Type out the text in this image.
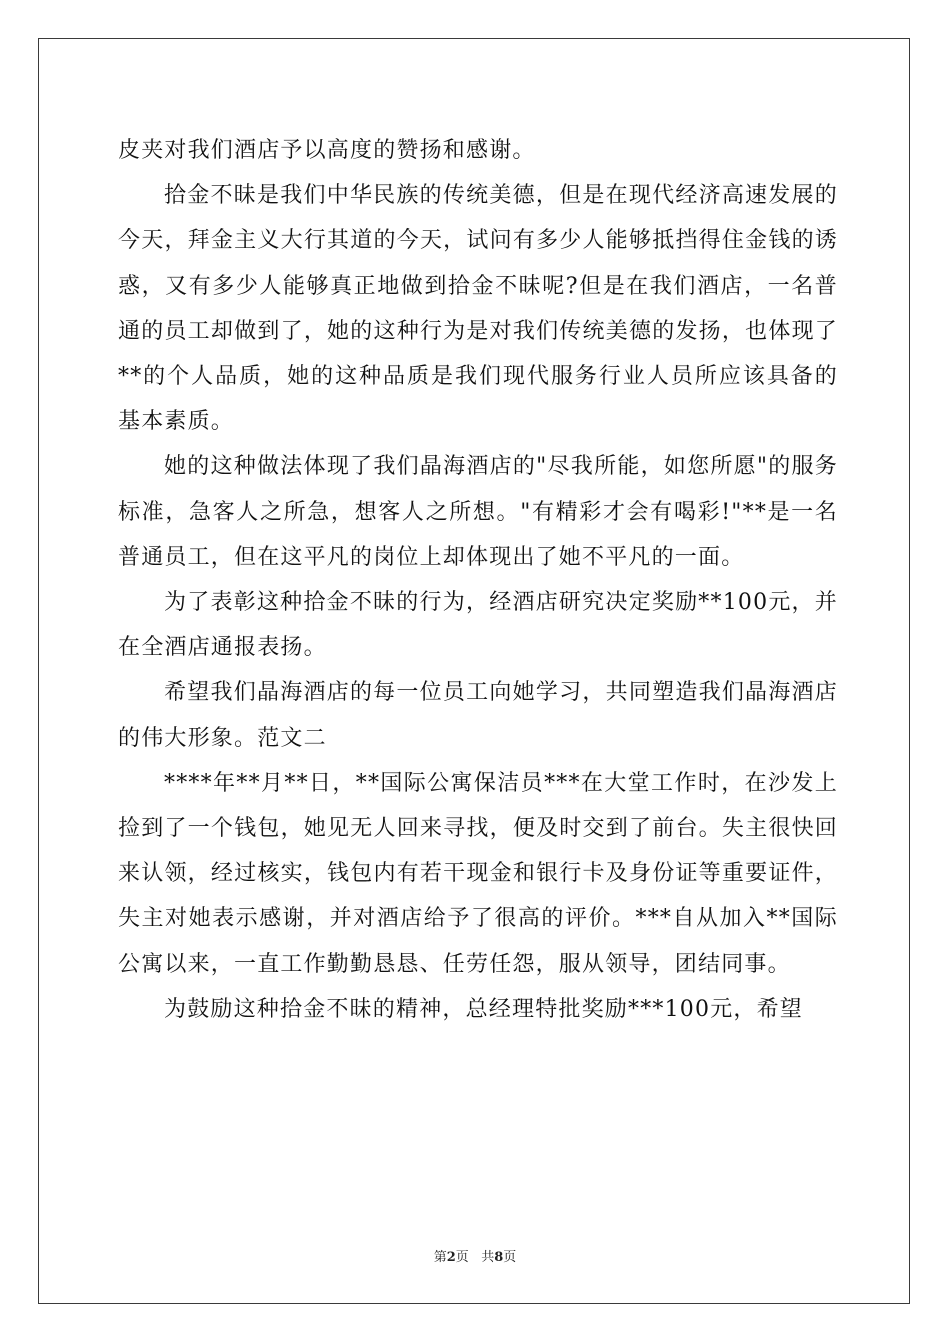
皮夹对我们酒店予以高度的赞扬和感谢。

拾金不昧是我们中华民族的传统美德，但是在现代经济高速发展的今天，拜金主义大行其道的今天，试问有多少人能够抵挡得住金钱的诱惑，又有多少人能够真正地做到拾金不昧呢?但是在我们酒店，一名普通的员工却做到了，她的这种行为是对我们传统美德的发扬，也体现了**的个人品质，她的这种品质是我们现代服务行业人员所应该具备的基本素质。

她的这种做法体现了我们晶海酒店的"尽我所能，如您所愿"的服务标准，急客人之所急，想客人之所想。"有精彩才会有喝彩!"**是一名普通员工，但在这平凡的岗位上却体现出了她不平凡的一面。

为了表彰这种拾金不昧的行为，经酒店研究决定奖励**100元，并在全酒店通报表扬。

希望我们晶海酒店的每一位员工向她学习，共同塑造我们晶海酒店的伟大形象。范文二

****年**月**日，**国际公寓保洁员***在大堂工作时，在沙发上捡到了一个钱包，她见无人回来寻找，便及时交到了前台。失主很快回来认领，经过核实，钱包内有若干现金和银行卡及身份证等重要证件，失主对她表示感谢，并对酒店给予了很高的评价。***自从加入**国际公寓以来，一直工作勤勤恳恳、任劳任怨，服从领导，团结同事。

为鼓励这种拾金不昧的精神，总经理特批奖励***100元，希望

第2页 共8页
